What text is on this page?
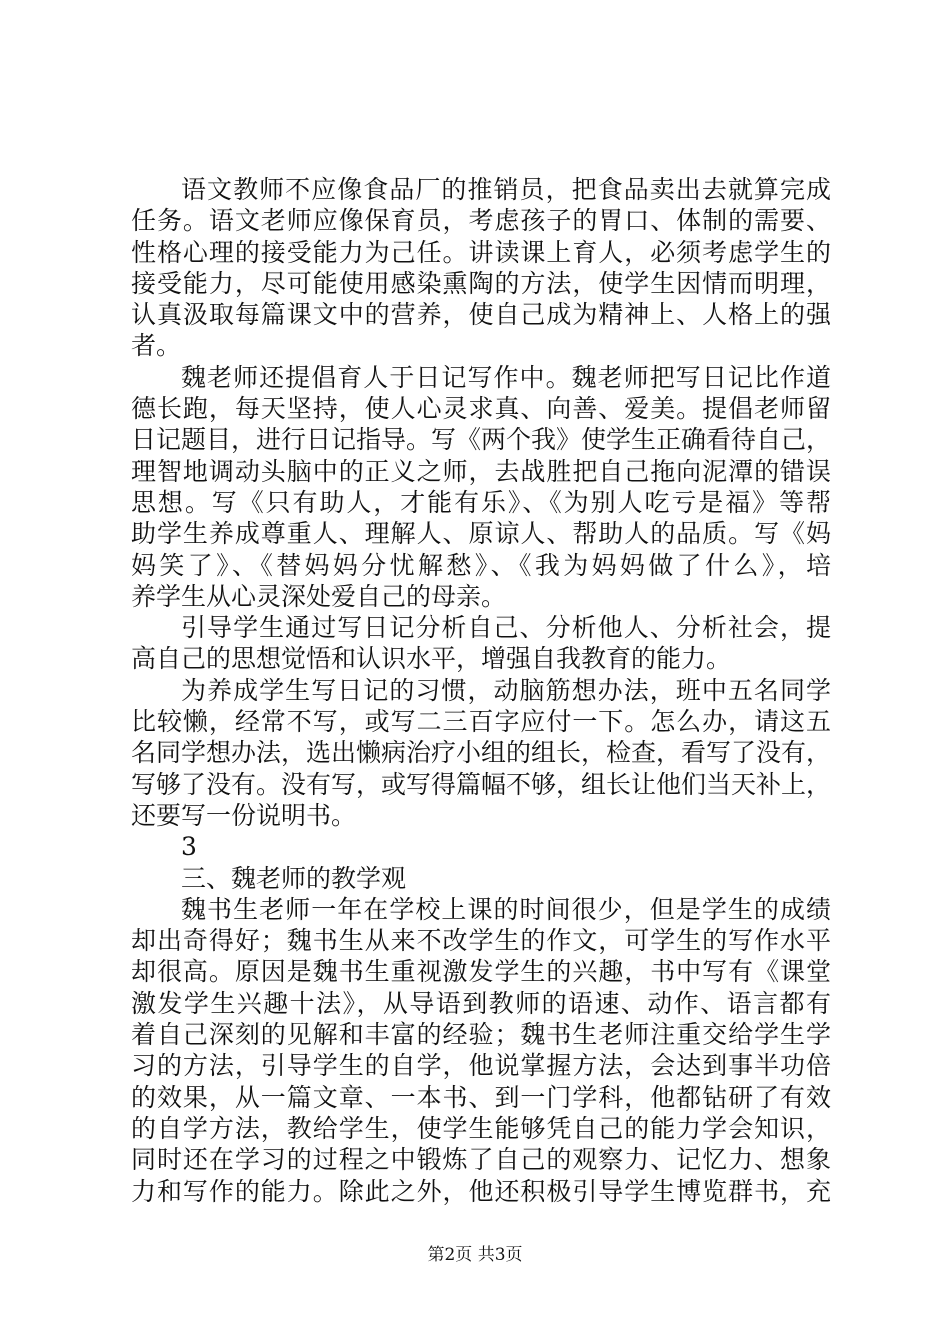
语文教师不应像食品厂的推销员，把食品卖出去就算完成
任务。语文老师应像保育员，考虑孩子的胃口、体制的需要、
性格心理的接受能力为己任。讲读课上育人，必须考虑学生的
接受能力，尽可能使用感染熏陶的方法，使学生因情而明理，
认真汲取每篇课文中的营养，使自己成为精神上、人格上的强
者。
魏老师还提倡育人于日记写作中。魏老师把写日记比作道
德长跑，每天坚持，使人心灵求真、向善、爱美。提倡老师留
日记题目，进行日记指导。写《两个我》使学生正确看待自己，
理智地调动头脑中的正义之师，去战胜把自己拖向泥潭的错误
思想。写《只有助人，才能有乐》、《为别人吃亏是福》等帮
助学生养成尊重人、理解人、原谅人、帮助人的品质。写《妈
妈笑了》、《替妈妈分忧解愁》、《我为妈妈做了什么》，培
养学生从心灵深处爱自己的母亲。
引导学生通过写日记分析自己、分析他人、分析社会，提
高自己的思想觉悟和认识水平，增强自我教育的能力。
为养成学生写日记的习惯，动脑筋想办法，班中五名同学
比较懒，经常不写，或写二三百字应付一下。怎么办，请这五
名同学想办法，选出懒病治疗小组的组长，检查，看写了没有，
写够了没有。没有写，或写得篇幅不够，组长让他们当天补上，
还要写一份说明书。
3
三、魏老师的教学观
魏书生老师一年在学校上课的时间很少，但是学生的成绩
却出奇得好；魏书生从来不改学生的作文，可学生的写作水平
却很高。原因是魏书生重视激发学生的兴趣，书中写有《课堂
激发学生兴趣十法》，从导语到教师的语速、动作、语言都有
着自己深刻的见解和丰富的经验；魏书生老师注重交给学生学
习的方法，引导学生的自学，他说掌握方法，会达到事半功倍
的效果，从一篇文章、一本书、到一门学科，他都钻研了有效
的自学方法，教给学生，使学生能够凭自己的能力学会知识，
同时还在学习的过程之中锻炼了自己的观察力、记忆力、想象
力和写作的能力。除此之外，他还积极引导学生博览群书，充
第2页 共3页
